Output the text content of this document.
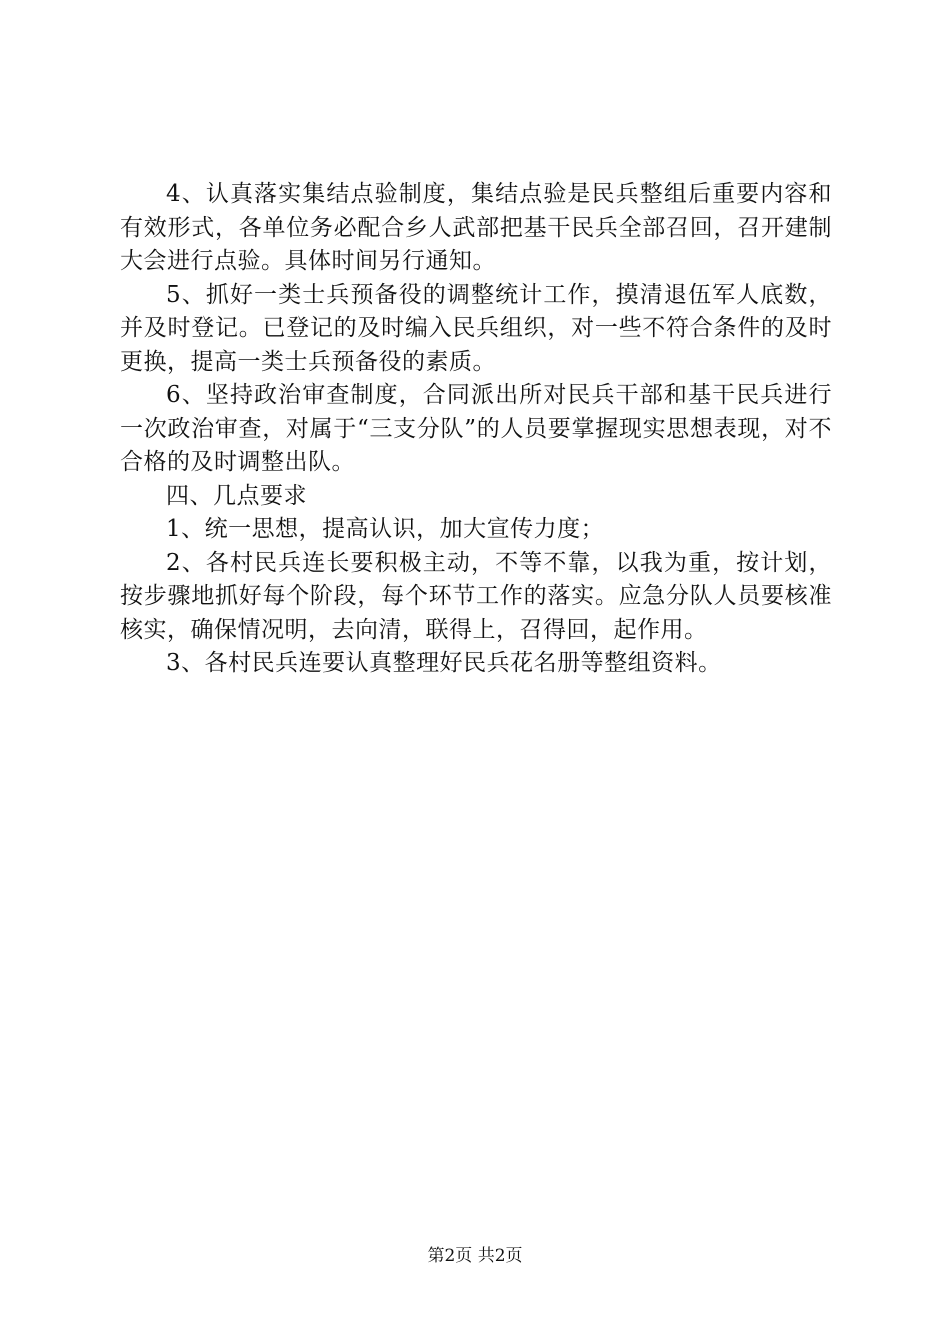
4、认真落实集结点验制度，集结点验是民兵整组后重要内容和有效形式，各单位务必配合乡人武部把基干民兵全部召回，召开建制大会进行点验。具体时间另行通知。

5、抓好一类士兵预备役的调整统计工作，摸清退伍军人底数，并及时登记。已登记的及时编入民兵组织，对一些不符合条件的及时更换，提高一类士兵预备役的素质。

6、坚持政治审查制度，合同派出所对民兵干部和基干民兵进行一次政治审查，对属于“三支分队”的人员要掌握现实思想表现，对不合格的及时调整出队。

四、几点要求

1、统一思想，提高认识，加大宣传力度；

2、各村民兵连长要积极主动，不等不靠，以我为重，按计划，按步骤地抓好每个阶段，每个环节工作的落实。应急分队人员要核准核实，确保情况明，去向清，联得上，召得回，起作用。

3、各村民兵连要认真整理好民兵花名册等整组资料。

第2页 共2页
